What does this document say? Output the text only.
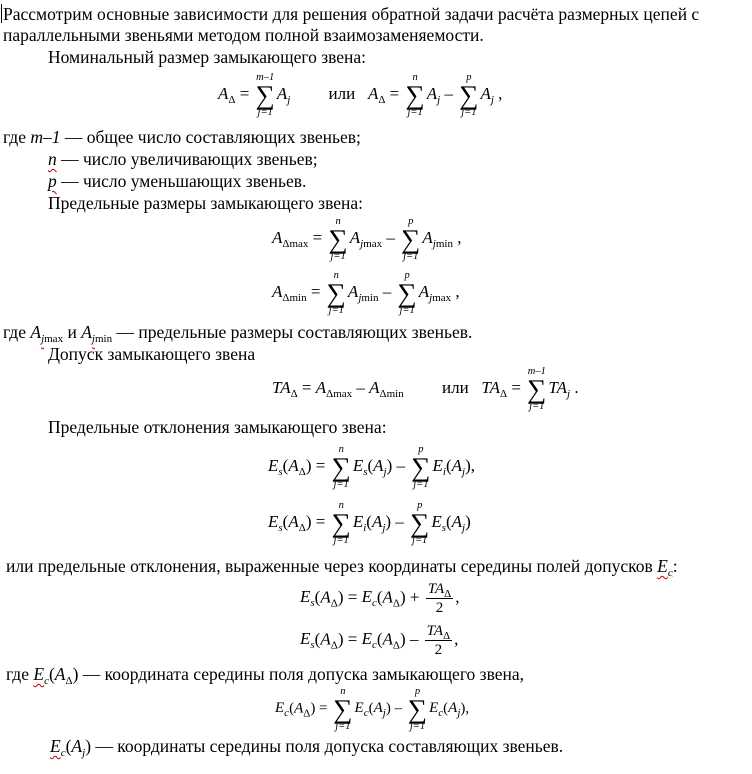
Рассмотрим основные зависимости для решения обратной задачи расчёта размерных цепей с
параллельными звеньями методом полной взаимозаменяемости.
Номинальный размер замыкающего звена:
$A_\Delta$ =
m–1
∑
j=1
$A_j$ или $A_\Delta$ =
n
∑
j=1
$A_j$ –
p
∑
j=1
$A_j$ ,
где m–1 — общее число составляющих звеньев;
n — число увеличивающих звеньев;
p — число уменьшающих звеньев.
Предельные размеры замыкающего звена:
$A_{\Delta max}$ =
n
∑
j=1
$A_{jmax}$ –
p
∑
j=1
$A_{jmin}$ ,
$A_{\Delta min}$ =
n
∑
j=1
$A_{jmin}$ –
p
∑
j=1
$A_{jmax}$ ,
где $A_{jmax}$ и $A_{jmin}$ — предельные размеры составляющих звеньев.
Допуск замыкающего звена
$TA_\Delta = A_{\Delta max} - A_{\Delta min}$ или $TA_\Delta$ =
m–1
∑
j=1
$TA_j$ .
Предельные отклонения замыкающего звена:
$E_s(A_\Delta)$ =
n
∑
j=1
$E_s(A_j)$ –
p
∑
j=1
$E_i(A_j)$,
$E_s(A_\Delta)$ =
n
∑
j=1
$E_i(A_j)$ –
p
∑
j=1
$E_s(A_j)$
или предельные отклонения, выраженные через координаты середины полей допусков $E_c$:
$E_s(A_\Delta) = E_c(A_\Delta) + \frac{TA_\Delta}{2}$ ,
$E_s(A_\Delta) = E_c(A_\Delta) - \frac{TA_\Delta}{2}$ ,
где $E_c(A_\Delta)$ — координата середины поля допуска замыкающего звена,
$E_c(A_\Delta)$ =
n
∑
j=1
$E_c(A_j)$ –
p
∑
j=1
$E_c(A_j)$,
$E_c(A_j)$ — координаты середины поля допуска составляющих звеньев.
